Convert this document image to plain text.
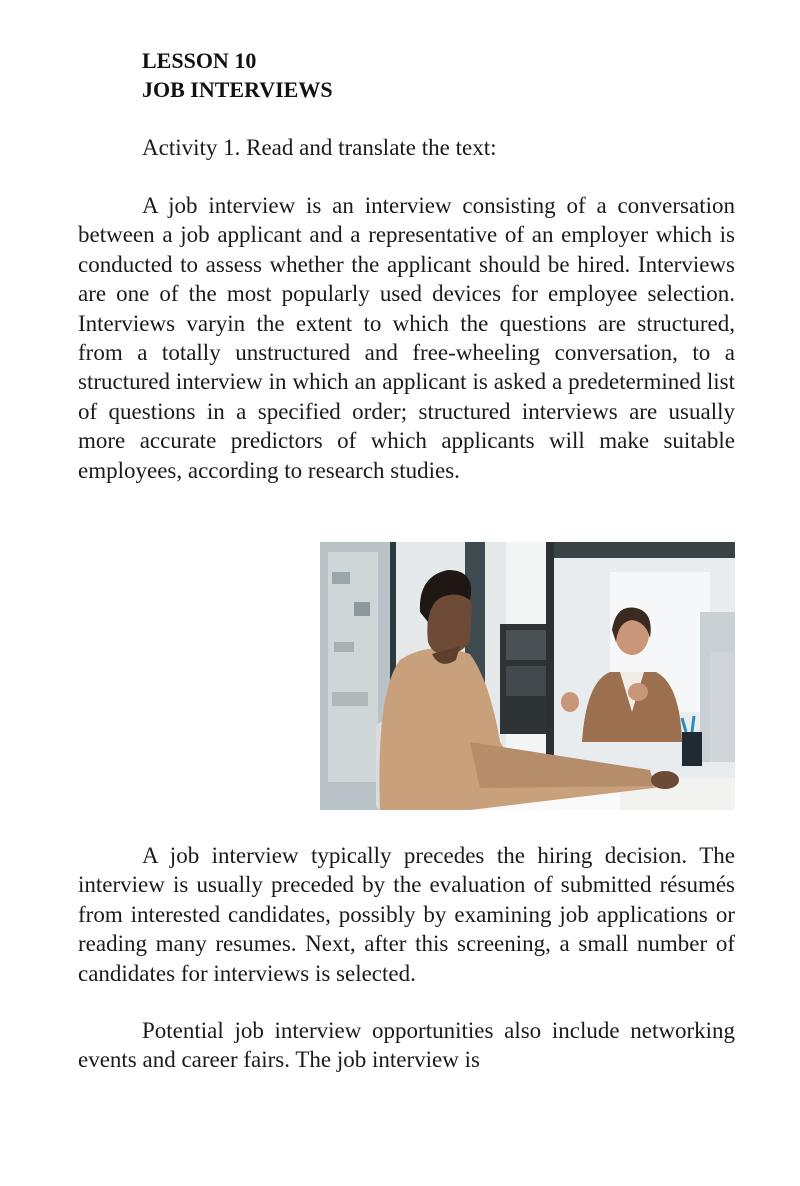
LESSON 10
JOB INTERVIEWS
Activity 1. Read and translate the text:

A job interview is an interview consisting of a conversation between a job applicant and a representative of an employer which is conducted to assess whether the applicant should be hired. Interviews are one of the most popularly used devices for employee selection. Interviews varyin the extent to which the questions are structured, from a totally unstructured and free-wheeling conversation, to a structured interview in which an applicant is asked a predetermined list of questions in a specified order; structured interviews are usually more accurate predictors of which applicants will make suitable employees, according to research studies.

A job interview typically precedes the hiring decision. The interview is usually preceded by the evaluation of submitted résumés from interested candidates, possibly by examining job applications or reading many resumes. Next, after this screening, a small number of candidates for interviews is selected.

Potential job interview opportunities also include networking events and career fairs. The job interview is
